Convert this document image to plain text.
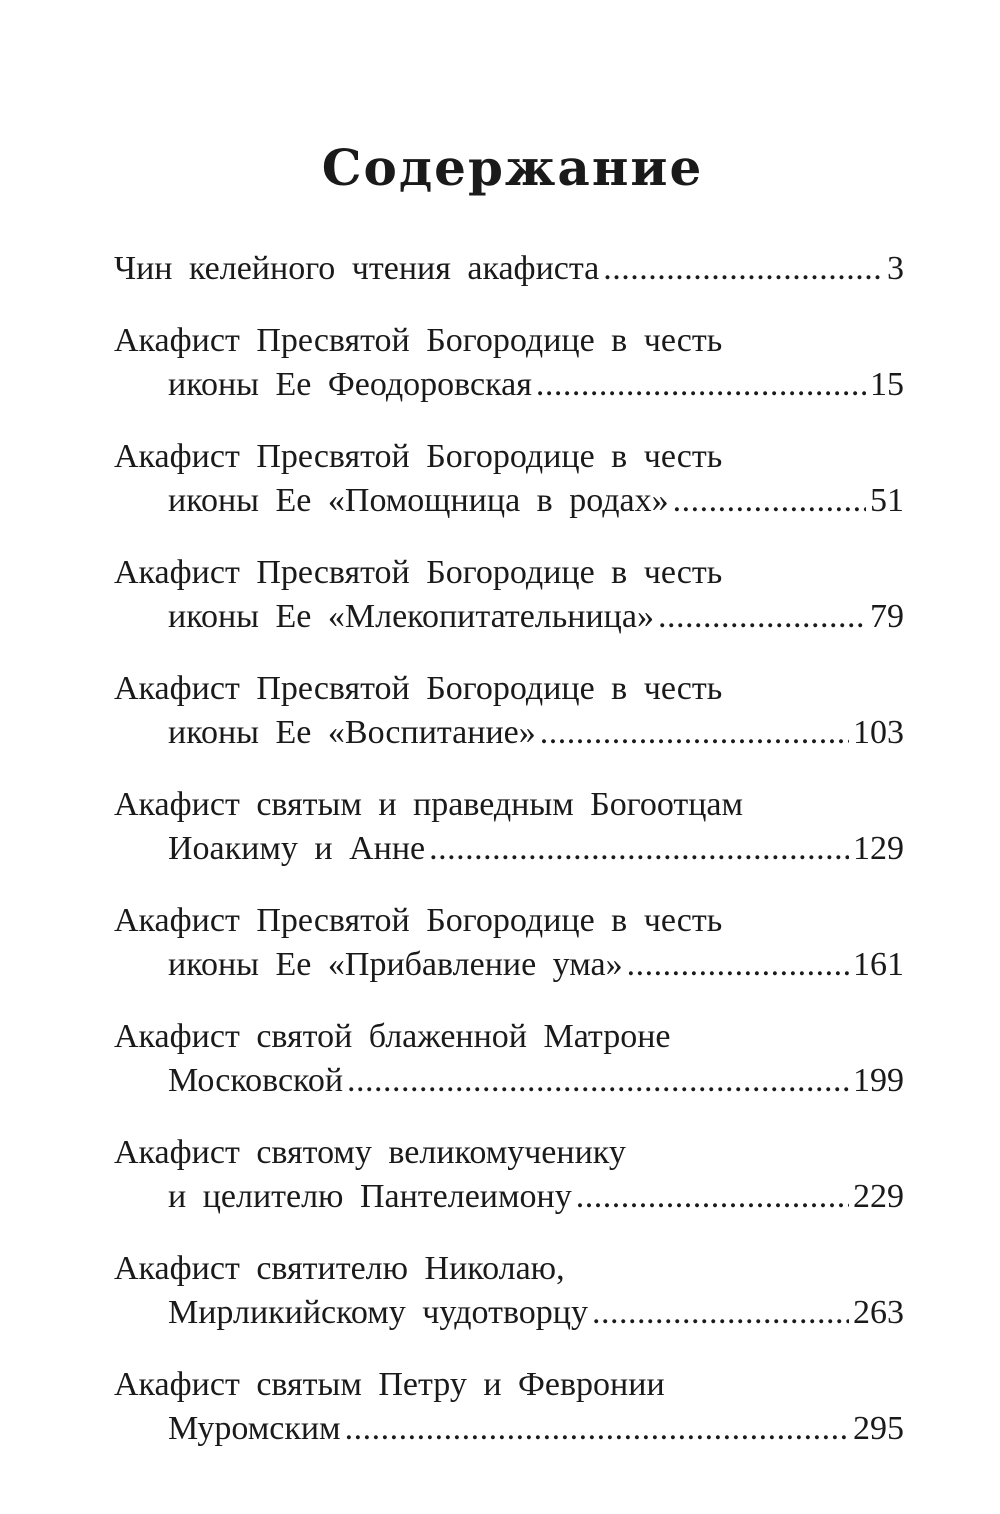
Содержание
Чин келейного чтения акафиста . . .	3
Акафист Пресвятой Богородице в честь
иконы Ее Феодоровская . . .	15
Акафист Пресвятой Богородице в честь
иконы Ее «Помощница в родах» . . .	51
Акафист Пресвятой Богородице в честь
иконы Ее «Млекопитательница» . . .	79
Акафист Пресвятой Богородице в честь
иконы Ее «Воспитание» . . .	103
Акафист святым и праведным Богоотцам
Иоакиму и Анне . . .	129
Акафист Пресвятой Богородице в честь
иконы Ее «Прибавление ума» . . .	161
Акафист святой блаженной Матроне
Московской . . .	199
Акафист святому великомученику
и целителю Пантелеимону . . .	229
Акафист святителю Николаю,
Мирликийскому чудотворцу . . .	263
Акафист святым Петру и Февронии
Муромским . . .	295
